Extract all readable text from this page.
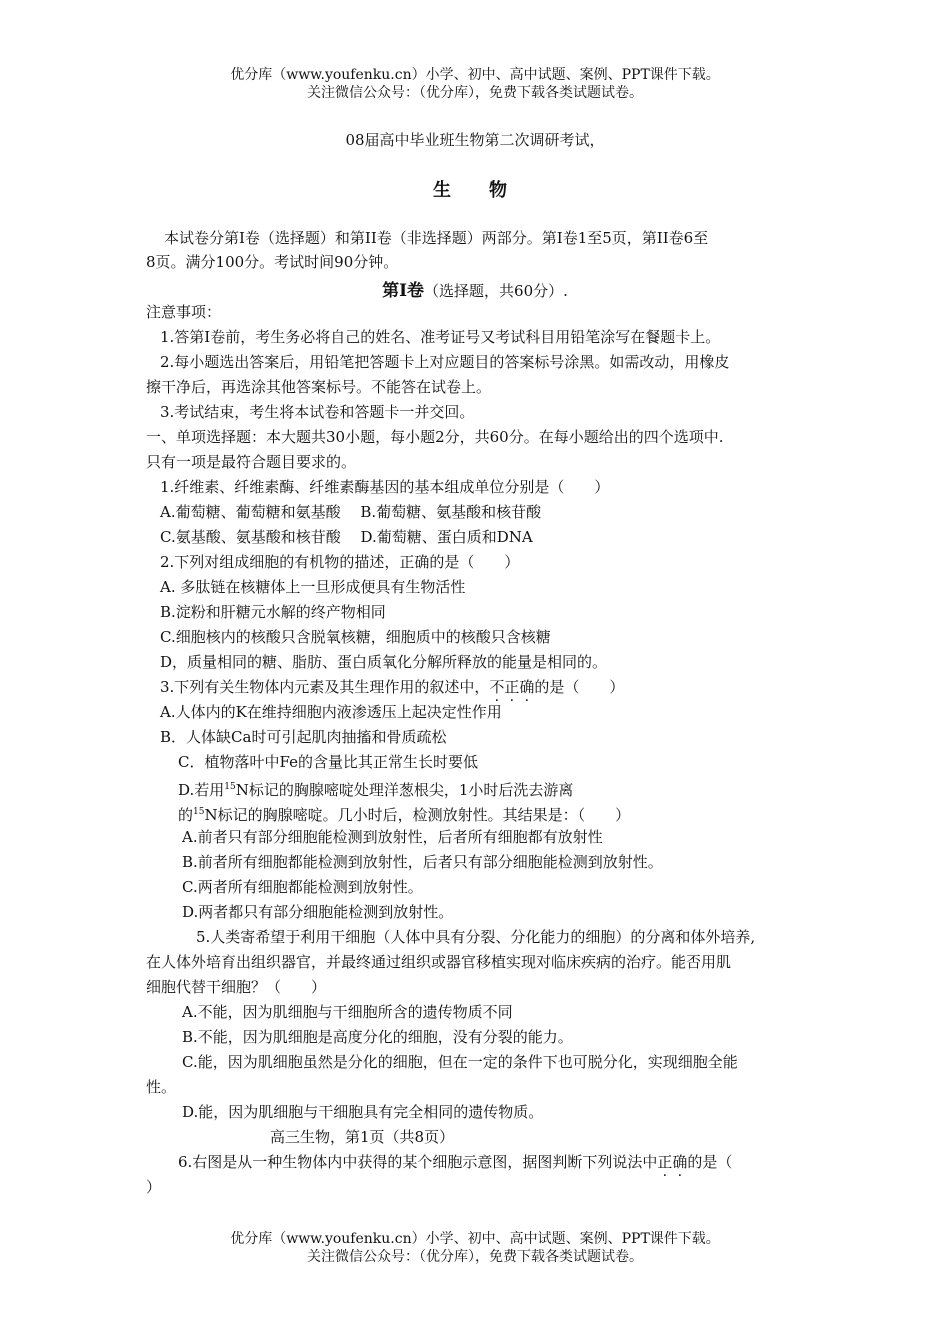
优分库（www.youfenku.cn）小学、初中、高中试题、案例、PPT课件下载。
关注微信公众号：（优分库），免费下载各类试题试卷。
08届高中毕业班生物第二次调研考试，
生　物
本试卷分第I卷（选择题）和第II卷（非选择题）两部分。第I卷1至5页，第II卷6至
8页。满分100分。考试时间90分钟。
第I卷（选择题，共60分）.
注意事项：
1.答第I卷前，考生务必将自己的姓名、准考证号又考试科目用铅笔涂写在餐题卡上。
2.每小题选出答案后，用铅笔把答题卡上对应题目的答案标号涂黑。如需改动，用橡皮
擦干净后，再选涂其他答案标号。不能答在试卷上。
3.考试结束，考生将本试卷和答题卡一并交回。
一、单项选择题：本大题共30小题，每小题2分，共60分。在每小题给出的四个选项中.
只有一项是最符合题目要求的。
1.纤维素、纤维素酶、纤维素酶基因的基本组成单位分别是（　　）
A.葡萄糖、葡萄糖和氨基酸　 B.葡萄糖、氨基酸和核苷酸
C.氨基酸、氨基酸和核苷酸　 D.葡萄糖、蛋白质和DNA
2.下列对组成细胞的有机物的描述，正确的是（　　）
A. 多肽链在核糖体上一旦形成便具有生物活性
B.淀粉和肝糖元水解的终产物相同
C.细胞核内的核酸只含脱氧核糖，细胞质中的核酸只含核糖
D，质量相同的糖、脂肪、蛋白质氧化分解所释放的能量是相同的。
3.下列有关生物体内元素及其生理作用的叙述中，不正确的是（　　）
A.人体内的K在维持细胞内液渗透压上起决定性作用
B．人体缺Ca时可引起肌肉抽搐和骨质疏松
C．植物落叶中Fe的含量比其正常生长时要低
D.若用$^{15}$N标记的胸腺嘧啶处理洋葱根尖，1小时后洗去游离
的$^{15}$N标记的胸腺嘧啶。几小时后，检测放射性。其结果是：（　　）
A.前者只有部分细胞能检测到放射性，后者所有细胞都有放射性
B.前者所有细胞都能检测到放射性，后者只有部分细胞能检测到放射性。
C.两者所有细胞都能检测到放射性。
D.两者都只有部分细胞能检测到放射性。
5.人类寄希望于利用干细胞（人体中具有分裂、分化能力的细胞）的分离和体外培养,
在人体外培育出组织器官，并最终通过组织或器官移植实现对临床疾病的治疗。能否用肌
细胞代替干细胞？（　　）
A.不能，因为肌细胞与干细胞所含的遗传物质不同
B.不能，因为肌细胞是高度分化的细胞，没有分裂的能力。
C.能，因为肌细胞虽然是分化的细胞，但在一定的条件下也可脱分化，实现细胞全能
性。
D.能，因为肌细胞与干细胞具有完全相同的遗传物质。
高三生物，第1页（共8页）
6.右图是从一种生物体内中获得的某个细胞示意图，据图判断下列说法中正确的是（
）
优分库（www.youfenku.cn）小学、初中、高中试题、案例、PPT课件下载。
关注微信公众号：（优分库），免费下载各类试题试卷。
